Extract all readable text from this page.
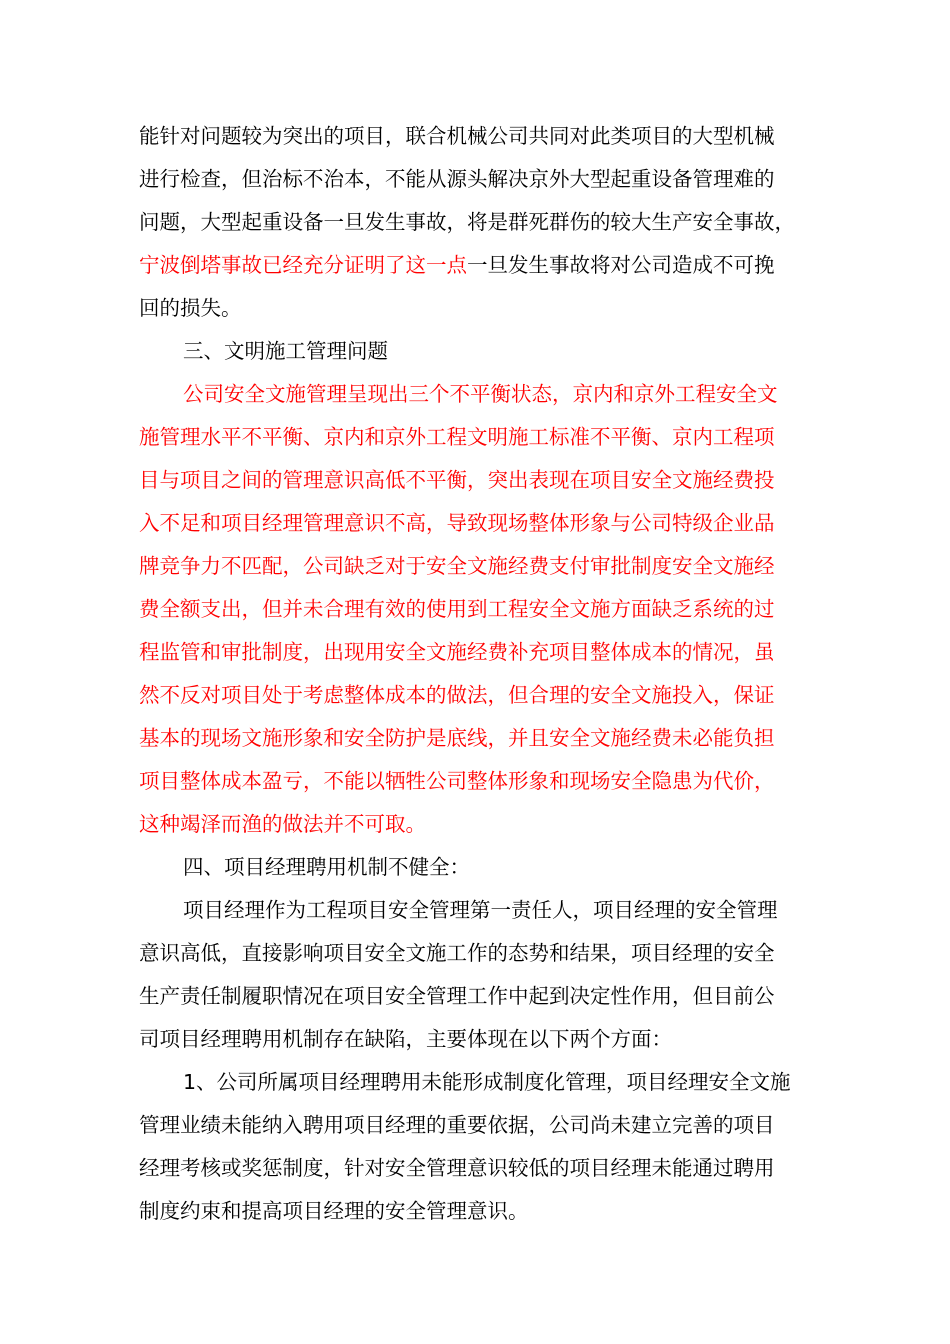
能针对问题较为突出的项目，联合机械公司共同对此类项目的大型机械
进行检查，但治标不治本，不能从源头解决京外大型起重设备管理难的
问题，大型起重设备一旦发生事故，将是群死群伤的较大生产安全事故，
宁波倒塔事故已经充分证明了这一点一旦发生事故将对公司造成不可挽
回的损失。
三、文明施工管理问题
公司安全文施管理呈现出三个不平衡状态，京内和京外工程安全文
施管理水平不平衡、京内和京外工程文明施工标准不平衡、京内工程项
目与项目之间的管理意识高低不平衡，突出表现在项目安全文施经费投
入不足和项目经理管理意识不高，导致现场整体形象与公司特级企业品
牌竞争力不匹配，公司缺乏对于安全文施经费支付审批制度安全文施经
费全额支出，但并未合理有效的使用到工程安全文施方面缺乏系统的过
程监管和审批制度，出现用安全文施经费补充项目整体成本的情况，虽
然不反对项目处于考虑整体成本的做法，但合理的安全文施投入，保证
基本的现场文施形象和安全防护是底线，并且安全文施经费未必能负担
项目整体成本盈亏，不能以牺牲公司整体形象和现场安全隐患为代价，
这种竭泽而渔的做法并不可取。
四、项目经理聘用机制不健全：
项目经理作为工程项目安全管理第一责任人，项目经理的安全管理
意识高低，直接影响项目安全文施工作的态势和结果，项目经理的安全
生产责任制履职情况在项目安全管理工作中起到决定性作用，但目前公
司项目经理聘用机制存在缺陷，主要体现在以下两个方面：
1、公司所属项目经理聘用未能形成制度化管理，项目经理安全文施
管理业绩未能纳入聘用项目经理的重要依据，公司尚未建立完善的项目
经理考核或奖惩制度，针对安全管理意识较低的项目经理未能通过聘用
制度约束和提高项目经理的安全管理意识。
